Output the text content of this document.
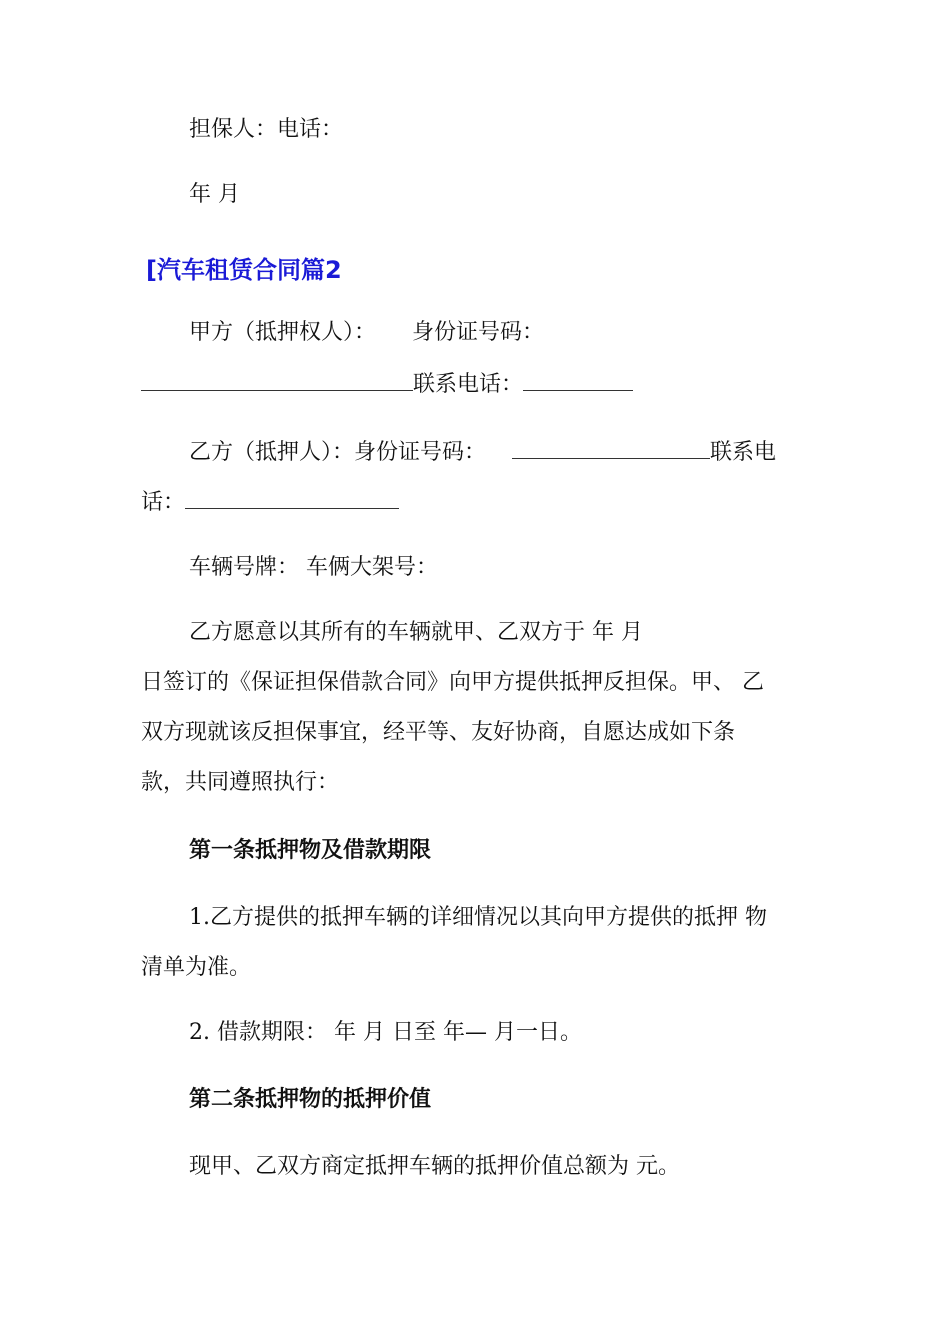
担保人：电话：
年 月
[汽车租赁合同篇2
甲方（抵押权人）： 身份证号码：
联系电话：
乙方（抵押人）：身份证号码：	联系电
话：
车辆号牌： 车俩大架号：
乙方愿意以其所有的车辆就甲、乙双方于 年 月
日签订的《保证担保借款合同》向甲方提供抵押反担保。甲、 乙
双方现就该反担保事宜，经平等、友好协商，自愿达成如下条
款，共同遵照执行：
第一条抵押物及借款期限
1.乙方提供的抵押车辆的详细情况以其向甲方提供的抵押 物
清单为准。
2. 借款期限： 年 月 日至 年— 月一日。
第二条抵押物的抵押价值
现甲、乙双方商定抵押车辆的抵押价值总额为 元。
